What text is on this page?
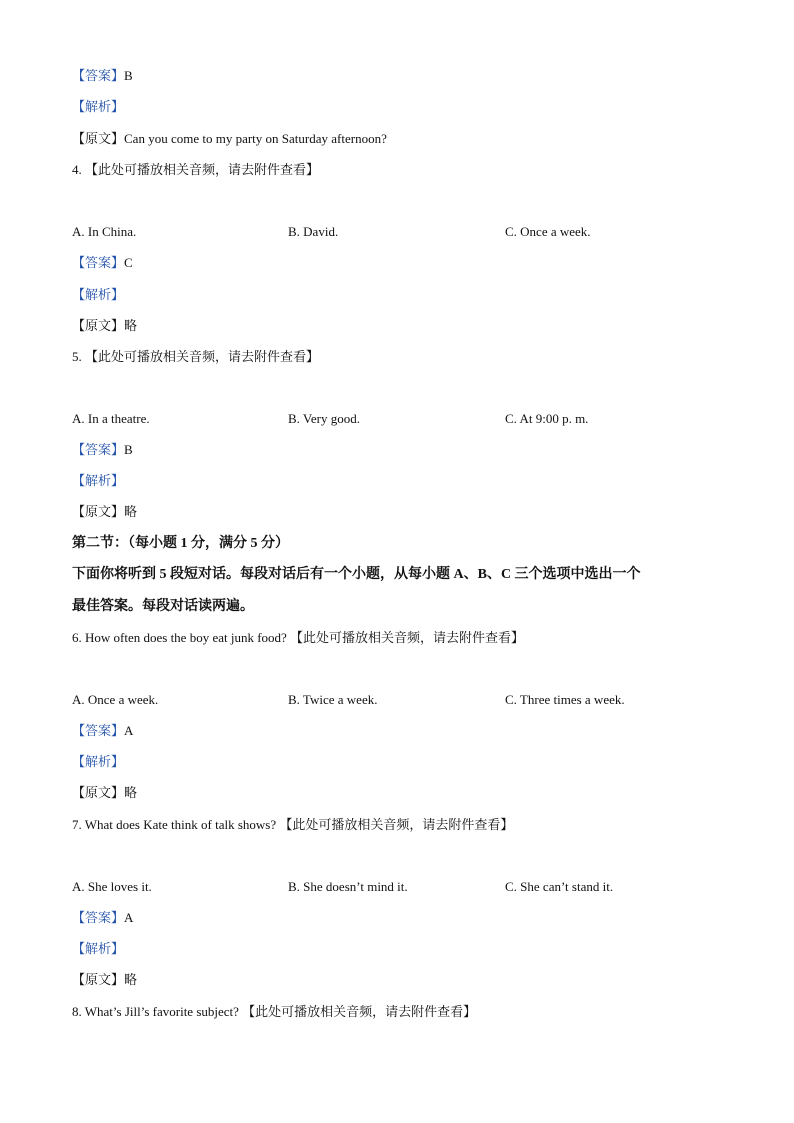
【答案】B
【解析】
【原文】Can you come to my party on Saturday afternoon?
4. 【此处可播放相关音频，请去附件查看】
A. In China.	B. David.	C. Once a week.
【答案】C
【解析】
【原文】略
5. 【此处可播放相关音频，请去附件查看】
A. In a theatre.	B. Very good.	C. At 9:00 p. m.
【答案】B
【解析】
【原文】略
第二节：（每小题 1 分，满分 5 分）
下面你将听到 5 段短对话。每段对话后有一个小题，从每小题 A、B、C 三个选项中选出一个
最佳答案。每段对话读两遍。
6. How often does the boy eat junk food? 【此处可播放相关音频，请去附件查看】
A. Once a week.	B. Twice a week.	C. Three times a week.
【答案】A
【解析】
【原文】略
7. What does Kate think of talk shows? 【此处可播放相关音频，请去附件查看】
A. She loves it.	B. She doesn’t mind it.	C. She can’t stand it.
【答案】A
【解析】
【原文】略
8. What’s Jill’s favorite subject? 【此处可播放相关音频，请去附件查看】
